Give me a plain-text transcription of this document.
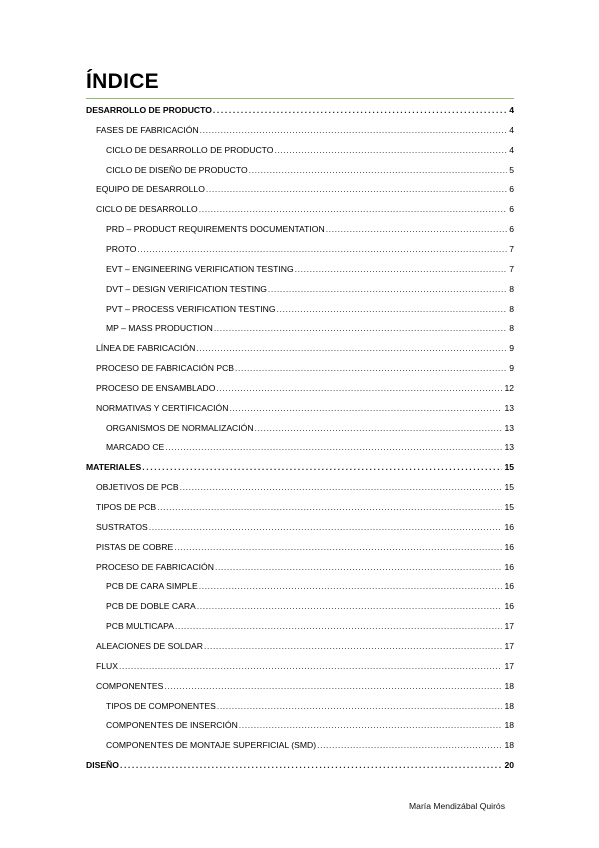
ÍNDICE
DESARROLLO DE PRODUCTO .....	4
FASES DE FABRICACIÓN .....	4
CICLO DE DESARROLLO DE PRODUCTO .....	4
CICLO DE DISEÑO DE PRODUCTO .....	5
EQUIPO DE DESARROLLO .....	6
CICLO DE DESARROLLO .....	6
PRD – PRODUCT REQUIREMENTS DOCUMENTATION .....	6
PROTO .....	7
EVT – ENGINEERING VERIFICATION TESTING .....	7
DVT – DESIGN VERIFICATION TESTING .....	8
PVT – PROCESS VERIFICATION TESTING .....	8
MP – MASS PRODUCTION .....	8
LÍNEA DE FABRICACIÓN .....	9
PROCESO DE FABRICACIÓN PCB .....	9
PROCESO DE ENSAMBLADO .....	12
NORMATIVAS Y CERTIFICACIÓN .....	13
ORGANISMOS DE NORMALIZACIÓN .....	13
MARCADO CE .....	13
MATERIALES .....	15
OBJETIVOS DE PCB .....	15
TIPOS DE PCB .....	15
SUSTRATOS .....	16
PISTAS DE COBRE .....	16
PROCESO DE FABRICACIÓN .....	16
PCB DE CARA SIMPLE .....	16
PCB DE DOBLE CARA .....	16
PCB MULTICAPA .....	17
ALEACIONES DE SOLDAR .....	17
FLUX .....	17
COMPONENTES .....	18
TIPOS DE COMPONENTES .....	18
COMPONENTES DE INSERCIÓN .....	18
COMPONENTES DE MONTAJE SUPERFICIAL (SMD) .....	18
DISEÑO .....	20
María Mendizábal Quirós
